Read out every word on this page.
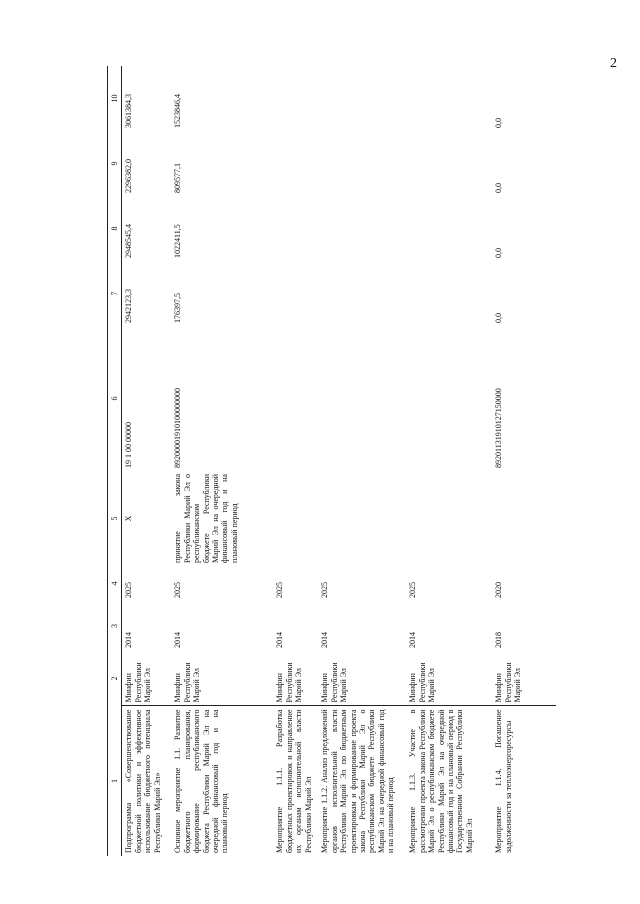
2
1	2	3	4	5	6	7	8	9	10
Подпрограмма «Совершенствование бюджетной политики и эффективное использование бюджетного потенциала Республики Марий Эл»	Минфин Республики Марий Эл	2014	2025	X	19 1 00 00000	2942123,3	2948545,4	2296382,0	3061384,3
Основное мероприятие 1.1. Развитие бюджетного планирования, формирование республиканского бюджета Республики Марий Эл на очередной финансовый год и на плановый период	Минфин Республики Марий Эл	2014	2025	принятие закона Республики Марий Эл о республиканском бюджете Республики Марий Эл на очередной финансовый год и на плановый период	89200001910100000000	176397,5	1022411,5	809577,1	1523846,4
Мероприятие 1.1.1. Разработка бюджетных проектировок и направление их органам исполнительной власти Республики Марий Эл	Минфин Республики Марий Эл	2014	2025						
Мероприятие 1.1.2. Анализ предложений органов исполнительной власти Республики Марий Эл по бюджетным проектировкам и формирование проекта закона Республики Марий Эл о республиканском бюджете Республики Марий Эл на очередной финансовый год и на плановый период	Минфин Республики Марий Эл	2014	2025						
Мероприятие 1.1.3. Участие в рассмотрении проекта закона Республики Марий Эл о республиканском бюджете Республики Марий Эл на очередной финансовый год и на плановый период в Государственном Собрании Республики Марий Эл	Минфин Республики Марий Эл	2014	2025						
Мероприятие 1.1.4. Погашение задолженности за теплоэнергоресурсы	Минфин Республики Марий Эл	2018	2020		89201131910127150000	0,0	0,0	0,0	0,0
